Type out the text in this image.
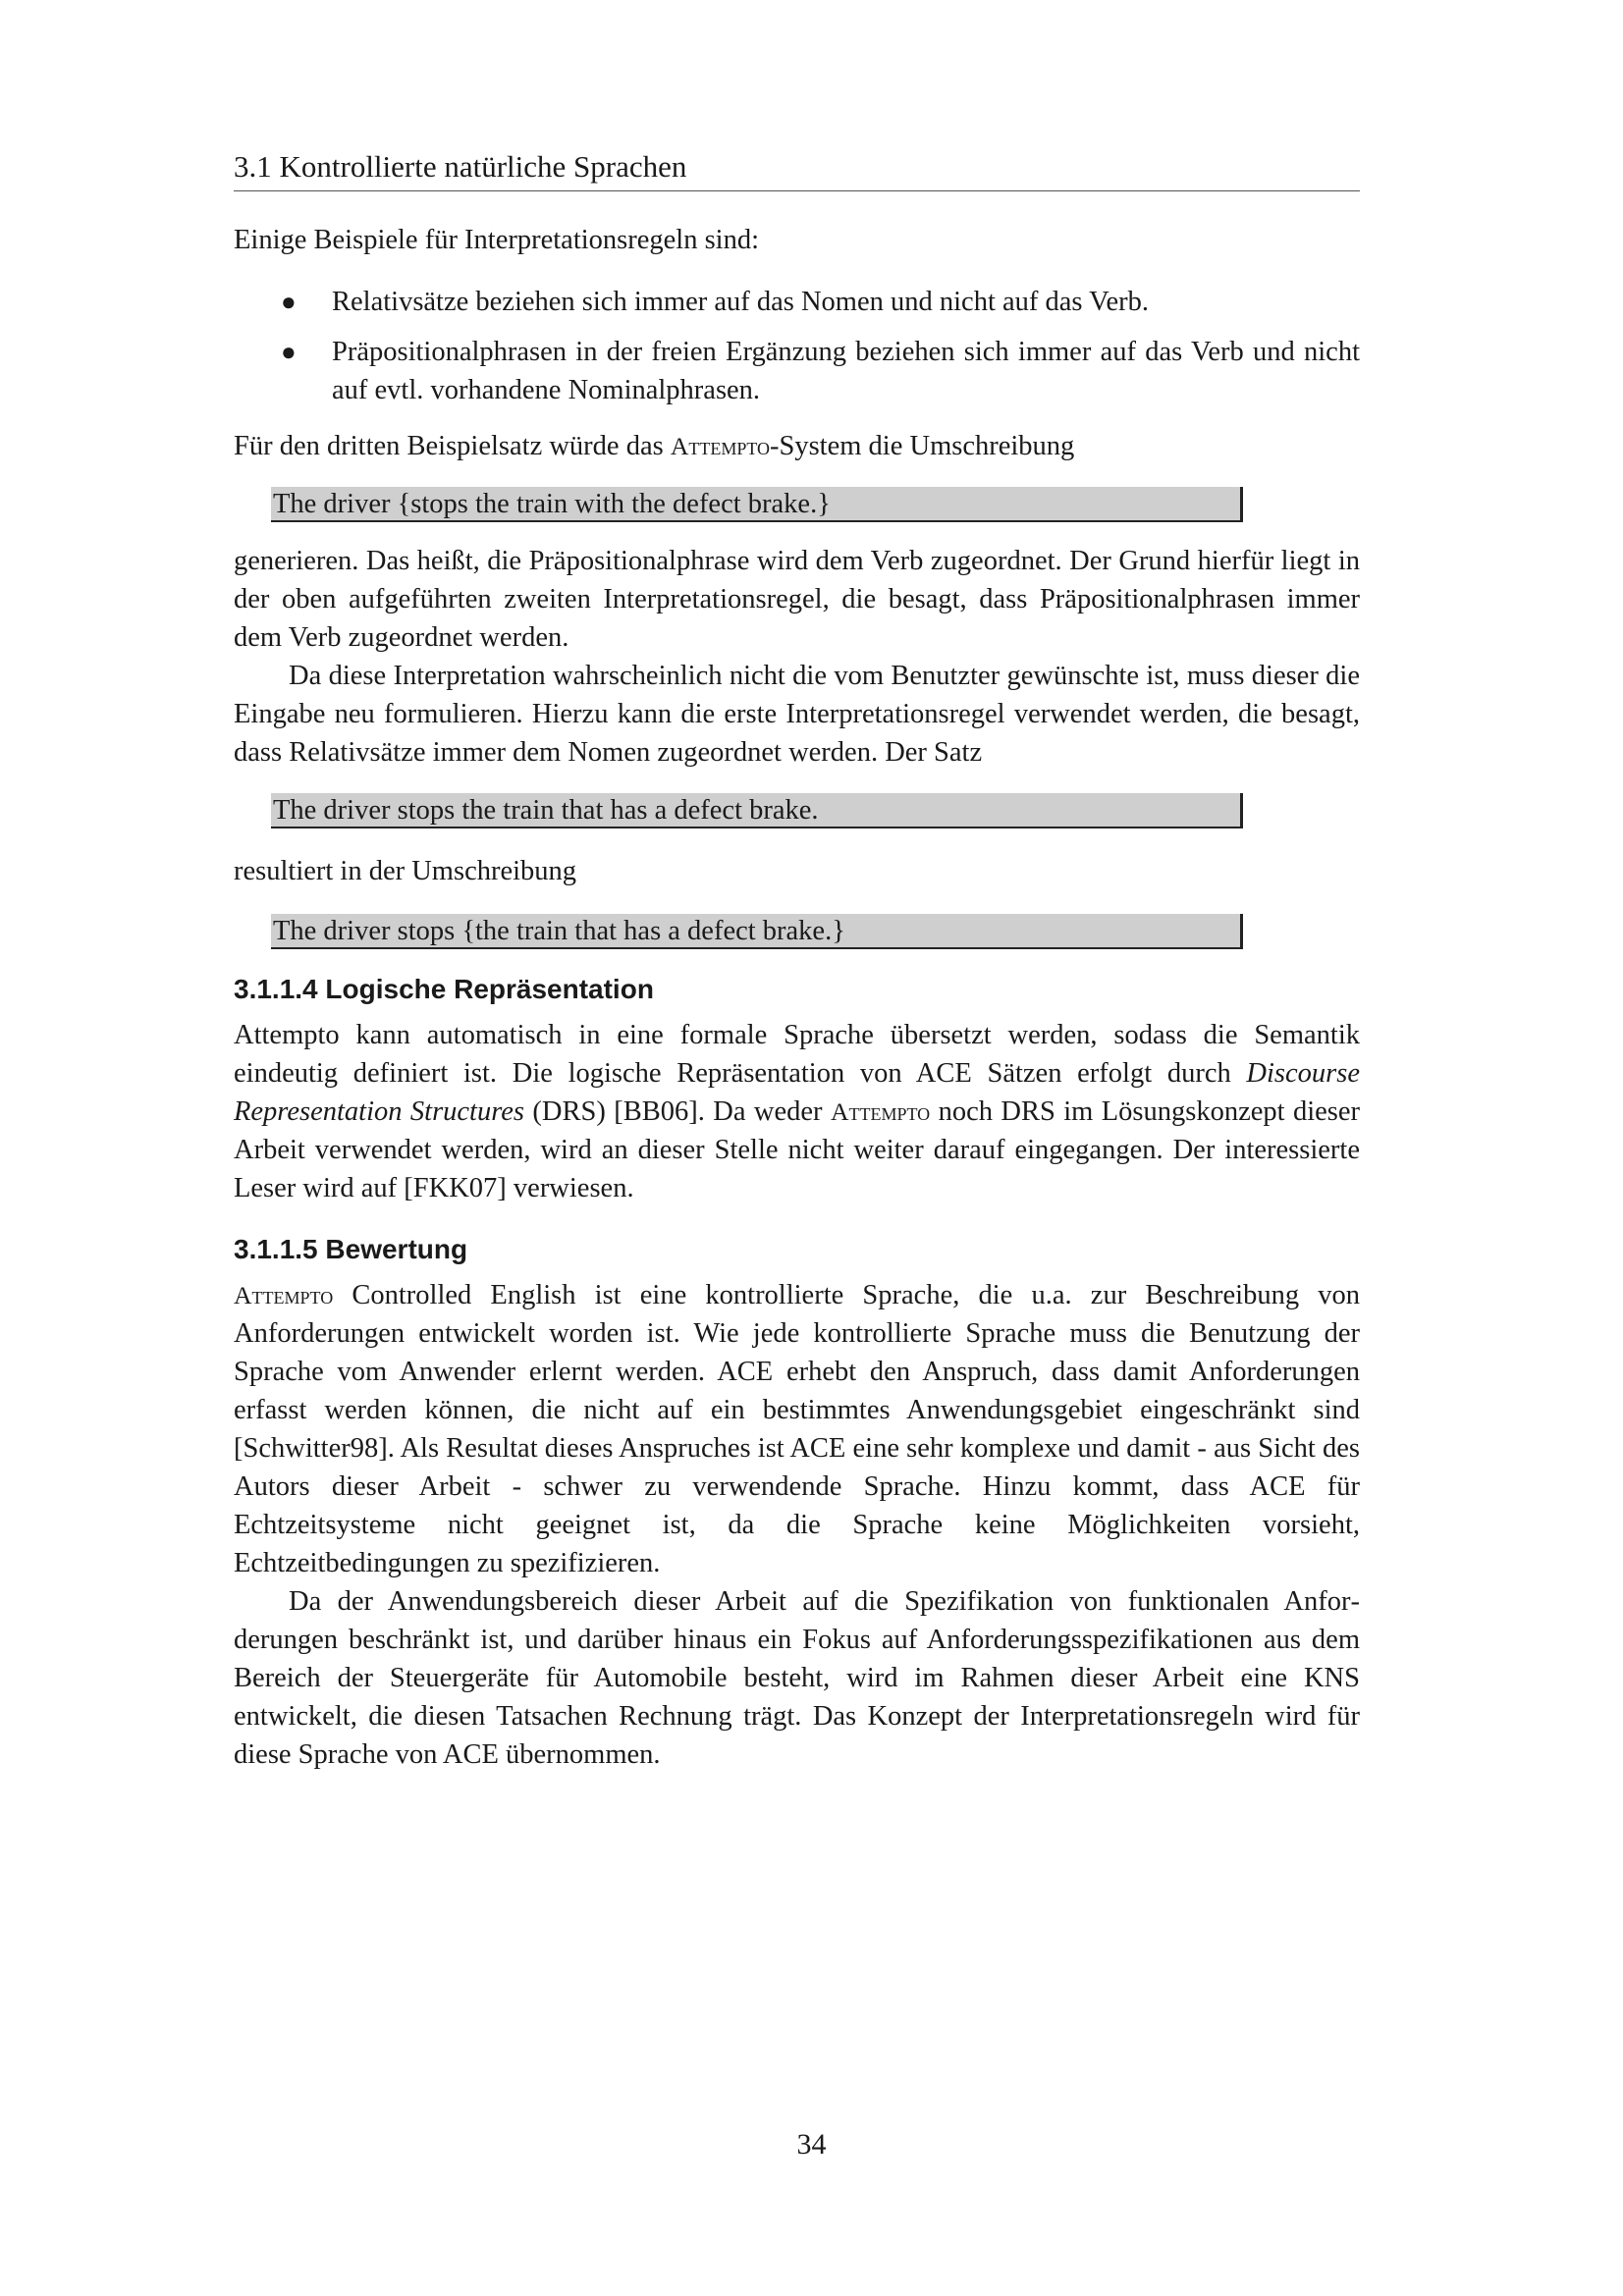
3.1 Kontrollierte natürliche Sprachen

Einige Beispiele für Interpretationsregeln sind:

● Relativsätze beziehen sich immer auf das Nomen und nicht auf das Verb.
● Präpositionalphrasen in der freien Ergänzung beziehen sich immer auf das Verb und nicht auf evtl. vorhandene Nominalphrasen.

Für den dritten Beispielsatz würde das Attempto-System die Umschreibung

The driver {stops the train with the defect brake.}

generieren. Das heißt, die Präpositionalphrase wird dem Verb zugeordnet. Der Grund hierfür liegt in der oben aufgeführten zweiten Interpretationsregel, die besagt, dass Präpositionalphrasen immer dem Verb zugeordnet werden.

Da diese Interpretation wahrscheinlich nicht die vom Benutzter gewünschte ist, muss dieser die Eingabe neu formulieren. Hierzu kann die erste Interpretationsregel verwendet werden, die besagt, dass Relativsätze immer dem Nomen zugeordnet werden. Der Satz

The driver stops the train that has a defect brake.

resultiert in der Umschreibung

The driver stops {the train that has a defect brake.}
3.1.1.4 Logische Repräsentation

Attempto kann automatisch in eine formale Sprache übersetzt werden, sodass die Semantik eindeutig definiert ist. Die logische Repräsentation von ACE Sätzen erfolgt durch Discourse Representation Structures (DRS) [BB06]. Da weder Attempto noch DRS im Lösungskonzept dieser Arbeit verwendet werden, wird an dieser Stelle nicht weiter darauf eingegangen. Der interessierte Leser wird auf [FKK07] verwiesen.

3.1.1.5 Bewertung

Attempto Controlled English ist eine kontrollierte Sprache, die u.a. zur Beschreibung von Anforderungen entwickelt worden ist. Wie jede kontrollierte Sprache muss die Benutzung der Sprache vom Anwender erlernt werden. ACE erhebt den Anspruch, dass damit Anforderungen erfasst werden können, die nicht auf ein bestimmtes Anwendungsgebiet eingeschränkt sind [Schwitter98]. Als Resultat dieses Anspruches ist ACE eine sehr komplexe und damit - aus Sicht des Autors dieser Arbeit - schwer zu verwendende Sprache. Hinzu kommt, dass ACE für Echtzeitsysteme nicht geeignet ist, da die Sprache keine Möglichkeiten vorsieht, Echtzeitbedingungen zu spezifizieren.

Da der Anwendungsbereich dieser Arbeit auf die Spezifikation von funktionalen Anforderungen beschränkt ist, und darüber hinaus ein Fokus auf Anforderungsspezifikationen aus dem Bereich der Steuergeräte für Automobile besteht, wird im Rahmen dieser Arbeit eine KNS entwickelt, die diesen Tatsachen Rechnung trägt. Das Konzept der Interpretationsregeln wird für diese Sprache von ACE übernommen.

34
